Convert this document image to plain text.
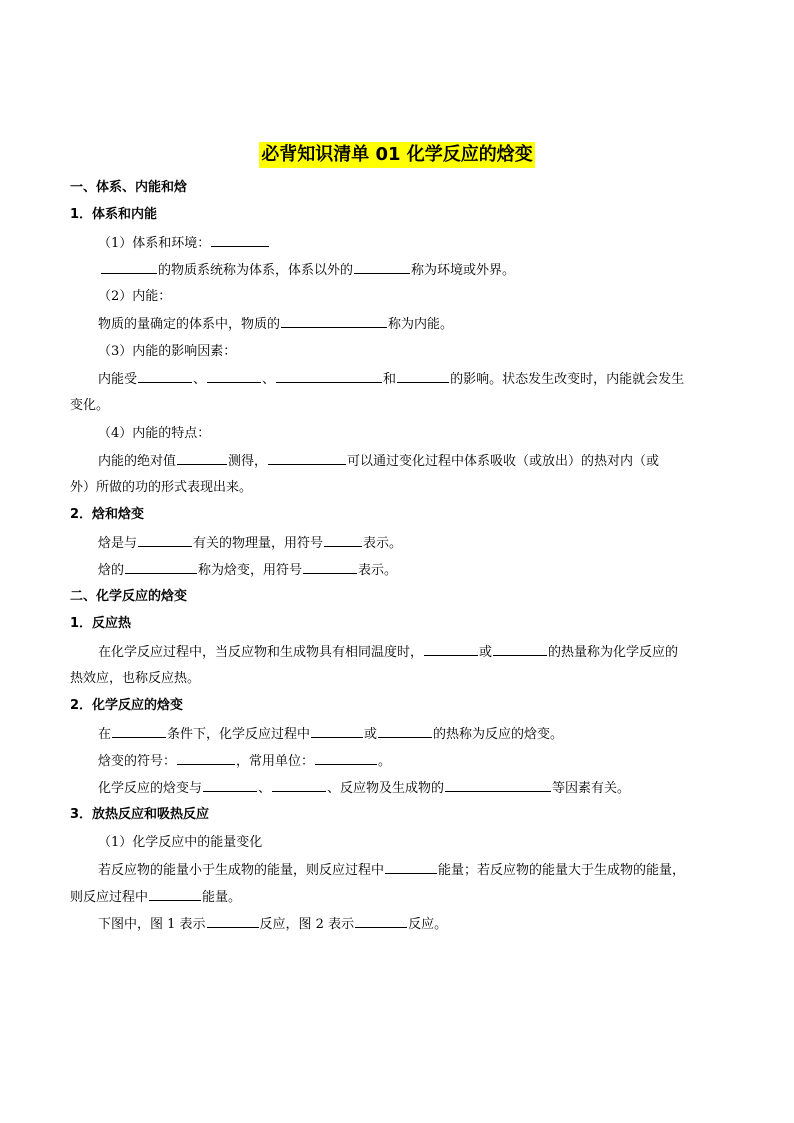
必背知识清单 01 化学反应的焓变
一、体系、内能和焓
1．体系和内能
（1）体系和环境：
的物质系统称为体系，体系以外的	称为环境或外界。
（2）内能：
物质的量确定的体系中，物质的	称为内能。
（3）内能的影响因素：
内能受	、	、	和	的影响。状态发生改变时，内能就会发生
变化。
（4）内能的特点：
内能的绝对值	测得，	可以通过变化过程中体系吸收（或放出）的热对内（或
外）所做的功的形式表现出来。
2．焓和焓变
焓是与	有关的物理量，用符号	表示。
焓的	称为焓变，用符号	表示。
二、化学反应的焓变
1．反应热
在化学反应过程中，当反应物和生成物具有相同温度时，	或	的热量称为化学反应的
热效应，也称反应热。
2．化学反应的焓变
在	条件下，化学反应过程中	或	的热称为反应的焓变。
焓变的符号：	，常用单位：	。
化学反应的焓变与	、	、反应物及生成物的	等因素有关。
3．放热反应和吸热反应
（1）化学反应中的能量变化
若反应物的能量小于生成物的能量，则反应过程中	能量；若反应物的能量大于生成物的能量，
则反应过程中	能量。
下图中，图 1 表示	反应，图 2 表示	反应。
